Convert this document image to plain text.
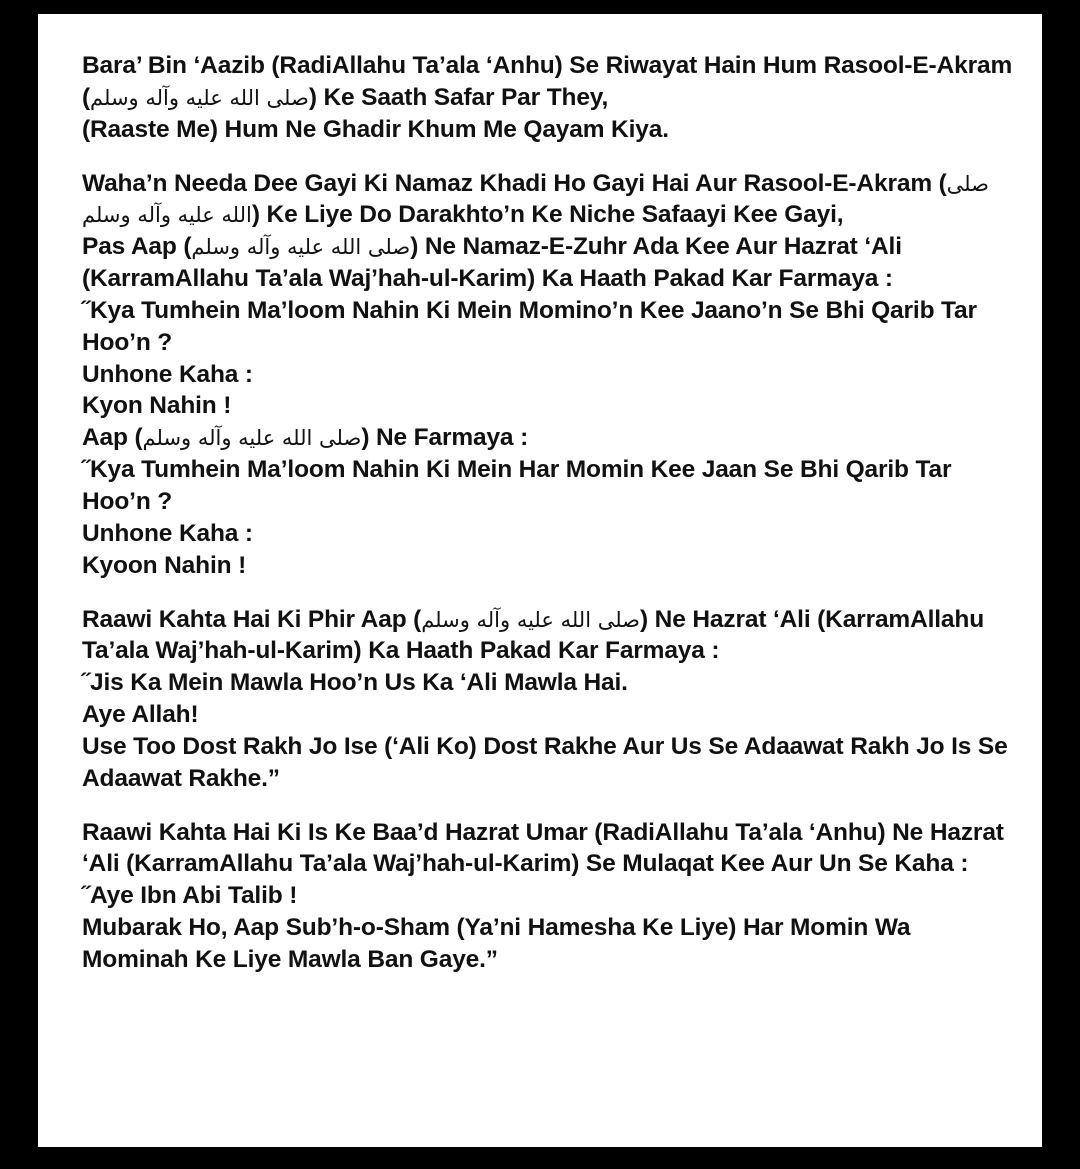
Bara’ Bin ‘Aazib (RadiAllahu Ta’ala ‘Anhu) Se Riwayat Hain Hum Rasool-E-Akram (صلى الله عليه وآله وسلم) Ke Saath Safar Par They,
(Raaste Me) Hum Ne Ghadir Khum Me Qayam Kiya.
Waha’n Needa Dee Gayi Ki Namaz Khadi Ho Gayi Hai Aur Rasool-E-Akram (صلى الله عليه وآله وسلم) Ke Liye Do Darakhto’n Ke Niche Safaayi Kee Gayi,
Pas Aap (صلى الله عليه وآله وسلم) Ne Namaz-E-Zuhr Ada Kee Aur Hazrat ‘Ali (KarramAllahu Ta’ala Waj’hah-ul-Karim) Ka Haath Pakad Kar Farmaya :
˝Kya Tumhein Ma’loom Nahin Ki Mein Momino’n Kee Jaano’n Se Bhi Qarib Tar Hoo’n ?
Unhone Kaha :
Kyon Nahin !
Aap (صلى الله عليه وآله وسلم) Ne Farmaya :
˝Kya Tumhein Ma’loom Nahin Ki Mein Har Momin Kee Jaan Se Bhi Qarib Tar Hoo’n ?
Unhone Kaha :
Kyoon Nahin !
Raawi Kahta Hai Ki Phir Aap (صلى الله عليه وآله وسلم) Ne Hazrat ‘Ali (KarramAllahu Ta’ala Waj’hah-ul-Karim) Ka Haath Pakad Kar Farmaya :
˝Jis Ka Mein Mawla Hoo’n Us Ka ‘Ali Mawla Hai.
Aye Allah!
Use Too Dost Rakh Jo Ise (‘Ali Ko) Dost Rakhe Aur Us Se Adaawat Rakh Jo Is Se Adaawat Rakhe.”
Raawi Kahta Hai Ki Is Ke Baa’d Hazrat Umar (RadiAllahu Ta’ala ‘Anhu) Ne Hazrat ‘Ali (KarramAllahu Ta’ala Waj’hah-ul-Karim) Se Mulaqat Kee Aur Un Se Kaha :
˝Aye Ibn Abi Talib !
Mubarak Ho, Aap Sub’h-o-Sham (Ya’ni Hamesha Ke Liye) Har Momin Wa Mominah Ke Liye Mawla Ban Gaye.”
